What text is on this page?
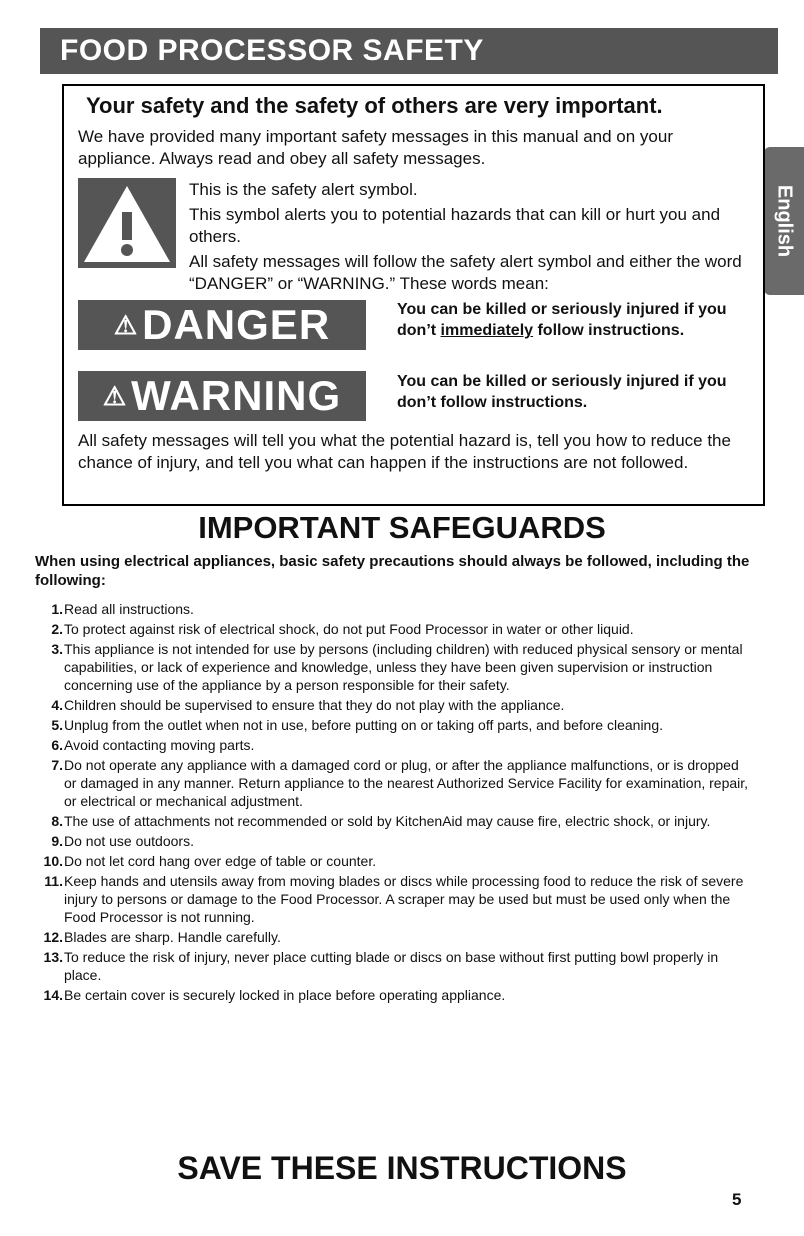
FOOD PROCESSOR SAFETY
English
Your safety and the safety of others are very important.
We have provided many important safety messages in this manual and on your appliance. Always read and obey all safety messages.

This is the safety alert symbol.

This symbol alerts you to potential hazards that can kill or hurt you and others.

All safety messages will follow the safety alert symbol and either the word “DANGER” or “WARNING.” These words mean:

⚠ DANGER	You can be killed or seriously injured if you don’t immediately follow instructions.
⚠ WARNING	You can be killed or seriously injured if you don’t follow instructions.
All safety messages will tell you what the potential hazard is, tell you how to reduce the chance of injury, and tell you what can happen if the instructions are not followed.
IMPORTANT SAFEGUARDS
When using electrical appliances, basic safety precautions should always be followed, including the following:
1. Read all instructions.
2. To protect against risk of electrical shock, do not put Food Processor in water or other liquid.
3. This appliance is not intended for use by persons (including children) with reduced physical sensory or mental capabilities, or lack of experience and knowledge, unless they have been given supervision or instruction concerning use of the appliance by a person responsible for their safety.
4. Children should be supervised to ensure that they do not play with the appliance.
5. Unplug from the outlet when not in use, before putting on or taking off parts, and before cleaning.
6. Avoid contacting moving parts.
7. Do not operate any appliance with a damaged cord or plug, or after the appliance malfunctions, or is dropped or damaged in any manner. Return appliance to the nearest Authorized Service Facility for examination, repair, or electrical or mechanical adjustment.
8. The use of attachments not recommended or sold by KitchenAid may cause fire, electric shock, or injury.
9. Do not use outdoors.
10. Do not let cord hang over edge of table or counter.
11. Keep hands and utensils away from moving blades or discs while processing food to reduce the risk of severe injury to persons or damage to the Food Processor. A scraper may be used but must be used only when the Food Processor is not running.
12. Blades are sharp. Handle carefully.
13. To reduce the risk of injury, never place cutting blade or discs on base without first putting bowl properly in place.
14. Be certain cover is securely locked in place before operating appliance.
SAVE THESE INSTRUCTIONS
5
